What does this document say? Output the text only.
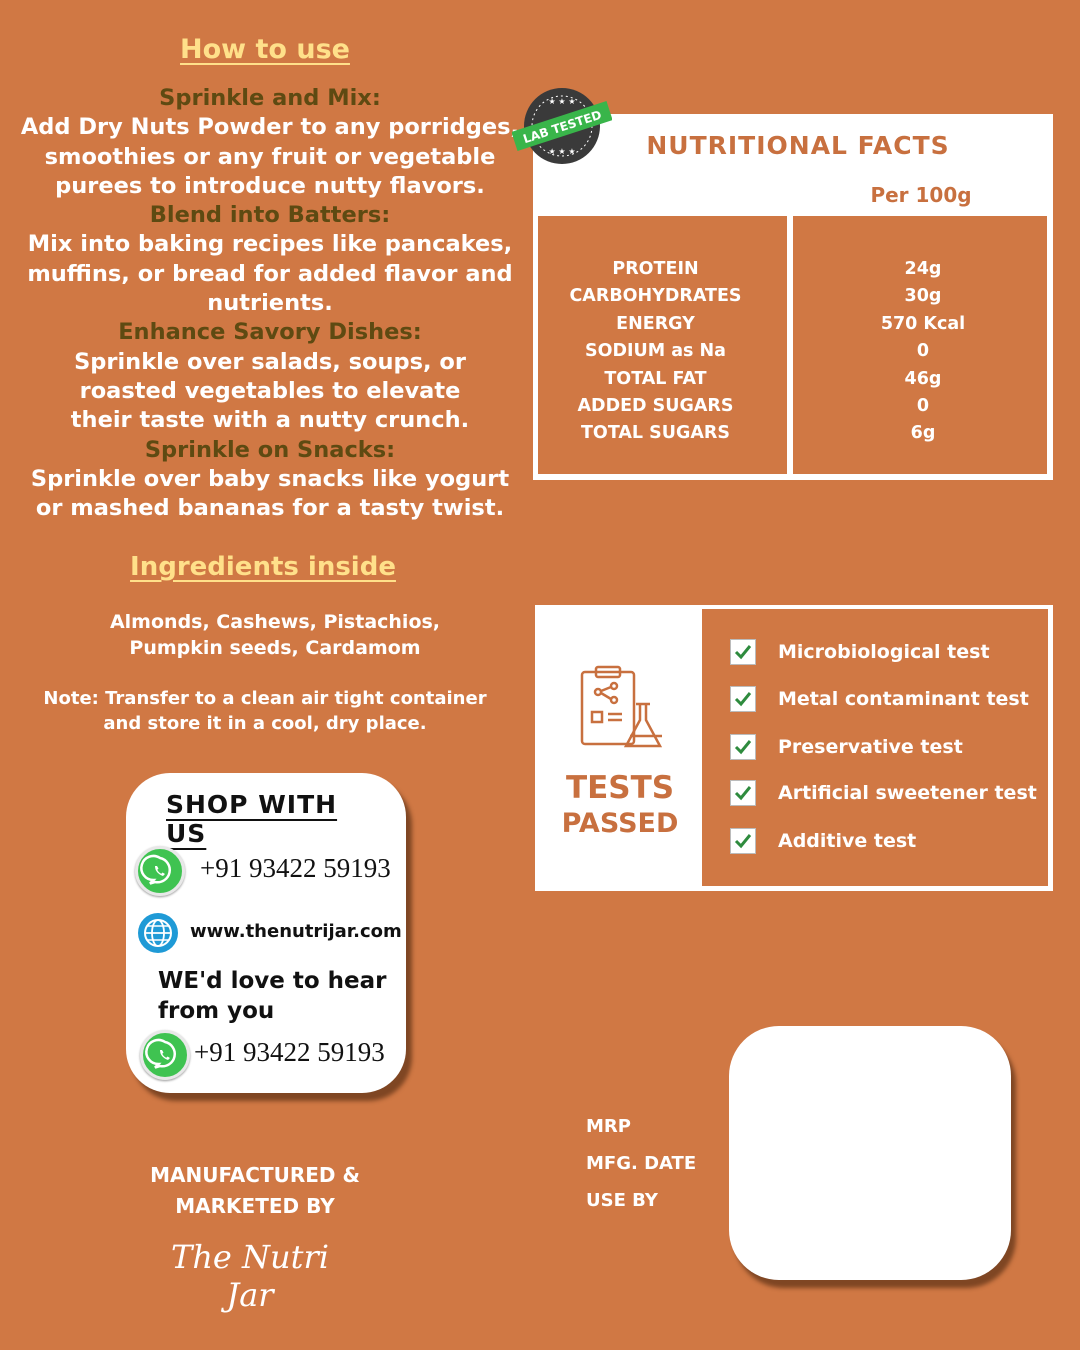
How to use
Sprinkle and Mix:
Add Dry Nuts Powder to any porridges,
smoothies or any fruit or vegetable
purees to introduce nutty flavors.
Blend into Batters:
Mix into baking recipes like pancakes,
muffins, or bread for added flavor and
nutrients.
Enhance Savory Dishes:
Sprinkle over salads, soups, or
roasted vegetables to elevate
their taste with a nutty crunch.
Sprinkle on Snacks:
Sprinkle over baby snacks like yogurt
or mashed bananas for a tasty twist.
Ingredients inside
Almonds, Cashews, Pistachios,
Pumpkin seeds, Cardamom
Note: Transfer to a clean air tight container
and store it in a cool, dry place.
SHOP WITH US
+91 93422 59193
www.thenutrijar.com
WE'd love to hear
from you
+91 93422 59193
MANUFACTURED &
MARKETED BY
The Nutri Jar
NUTRITIONAL FACTS
Per 100g
PROTEIN
CARBOHYDRATES
ENERGY
SODIUM as Na
TOTAL FAT
ADDED SUGARS
TOTAL SUGARS
24g
30g
570 Kcal
0
46g
0
6g
★ ★ ★
★ ★ ★
LAB TESTED
TESTS
PASSED
Microbiological test
Metal contaminant test
Preservative test
Artificial sweetener test
Additive test
MRP
MFG. DATE
USE BY
